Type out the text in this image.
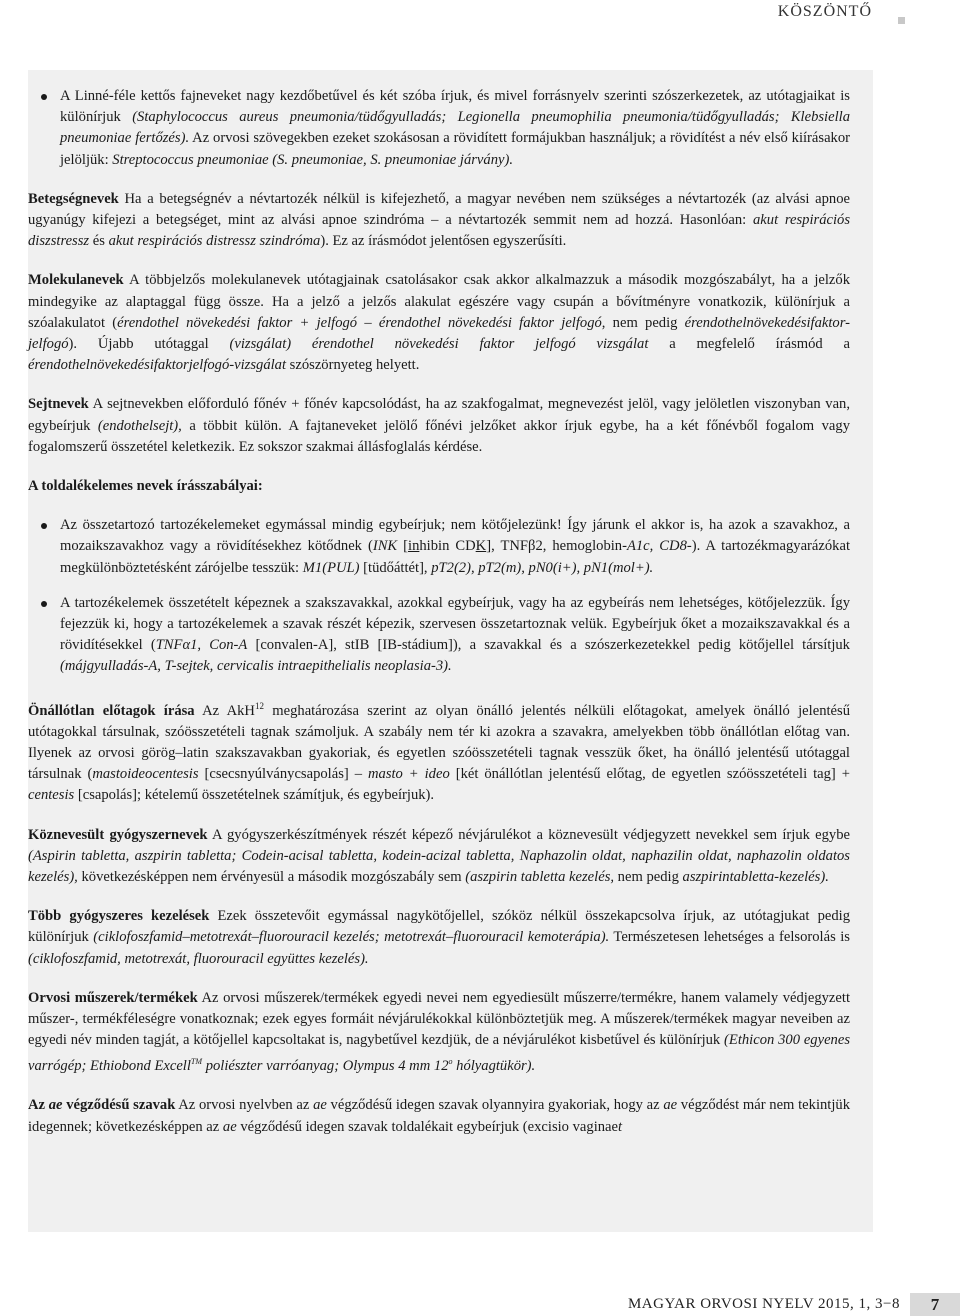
KÖSZÖNTŐ

A Linné-féle kettős fajneveket nagy kezdőbetűvel és két szóba írjuk, és mivel forrásnyelv szerinti szószerkezetek, az utótagjaikat is különírjuk (Staphylococcus aureus pneumonia/tüdőgyulladás; Legionella pneumophilia pneumonia/tüdőgyulladás; Klebsiella pneumoniae fertőzés). Az orvosi szövegekben ezeket szokásosan a rövidített formájukban használjuk; a rövidítést a név első kiírásakor jelöljük: Streptococcus pneumoniae (S. pneumoniae, S. pneumoniae járvány).

Betegségnevek Ha a betegségnév a névtartozék nélkül is kifejezhető, a magyar nevében nem szükséges a névtartozék (az alvási apnoe ugyanúgy kifejezi a betegséget, mint az alvási apnoe szindróma – a névtartozék semmit nem ad hozzá. Hasonlóan: akut respirációs diszstressz és akut respirációs distressz szindróma). Ez az írásmódot jelentősen egyszerűsíti.

Molekulanevek A többjelzős molekulanevek utótagjainak csatolásakor csak akkor alkalmazzuk a második mozgószabályt, ha a jelzők mindegyike az alaptaggal függ össze. Ha a jelző a jelzős alakulat egészére vagy csupán a bővítményre vonatkozik, különírjuk a szóalakulatot (érendothel növekedési faktor + jelfogó – érendothel növekedési faktor jelfogó, nem pedig érendothelnövekedésifaktor-jelfogó). Újabb utótaggal (vizsgálat) érendothel növekedési faktor jelfogó vizsgálat a megfelelő írásmód a érendothelnövekedésifaktorjelfogó-vizsgálat szószörnyeteg helyett.

Sejtnevek A sejtnevekben előforduló főnév + főnév kapcsolódást, ha az szakfogalmat, megnevezést jelöl, vagy jelöletlen viszonyban van, egybeírjuk (endothelsejt), a többit külön. A fajtaneveket jelölő főnévi jelzőket akkor írjuk egybe, ha a két főnévből fogalom vagy fogalomszerű összetétel keletkezik. Ez sokszor szakmai állásfoglalás kérdése.

A toldalékelemes nevek írásszabályai:

Az összetartozó tartozékelemeket egymással mindig egybeírjuk; nem kötőjelezünk! Így járunk el akkor is, ha azok a szavakhoz, a mozaikszavakhoz vagy a rövidítésekhez kötődnek (INK [inhibin CDK], TNFβ2, hemoglobin-A1c, CD8-). A tartozékmagyarázókat megkülönböztetésként zárójelbe tesszük: M1(PUL) [tüdőáttét], pT2(2), pT2(m), pN0(i+), pN1(mol+).

A tartozékelemek összetételt képeznek a szakszavakkal, azokkal egybeírjuk, vagy ha az egybeírás nem lehetséges, kötőjelezzük. Így fejezzük ki, hogy a tartozékelemek a szavak részét képezik, szervesen összetartoznak velük. Egybeírjuk őket a mozaikszavakkal és a rövidítésekkel (TNFα1, Con-A [convalen-A], stIB [IB-stádium]), a szavakkal és a szószerkezetekkel pedig kötőjellel társítjuk (májgyulladás-A, T-sejtek, cervicalis intraepithelialis neoplasia-3).

Önállótlan előtagok írása Az AkH$^{12}$ meghatározása szerint az olyan önálló jelentés nélküli előtagokat, amelyek önálló jelentésű utótagokkal társulnak, szóösszetételi tagnak számoljuk. A szabály nem tér ki azokra a szavakra, amelyekben több önállótlan előtag van. Ilyenek az orvosi görög–latin szakszavakban gyakoriak, és egyetlen szóösszetételi tagnak vesszük őket, ha önálló jelentésű utótaggal társulnak (mastoideocentesis [csecsnyúlványcsapolás] – masto + ideo [két önállótlan jelentésű előtag, de egyetlen szóösszetételi tag] + centesis [csapolás]; kételemű összetételnek számítjuk, és egybeírjuk).

Köznevesült gyógyszernevek A gyógyszerkészítmények részét képező névjárulékot a köznevesült védjegyzett nevekkel sem írjuk egybe (Aspirin tabletta, aszpirin tabletta; Codein-acisal tabletta, kodein-acizal tabletta, Naphazolin oldat, naphazilin oldat, naphazolin oldatos kezelés), következésképpen nem érvényesül a második mozgószabály sem (aszpirin tabletta kezelés, nem pedig aszpirintabletta-kezelés).

Több gyógyszeres kezelések Ezek összetevőit egymással nagykötőjellel, szóköz nélkül összekapcsolva írjuk, az utótagjukat pedig különírjuk (ciklofoszfamid–metotrexát–fluorouracil kezelés; metotrexát–fluorouracil kemoterápia). Természetesen lehetséges a felsorolás is (ciklofoszfamid, metotrexát, fluorouracil együttes kezelés).

Orvosi műszerek/termékek Az orvosi műszerek/termékek egyedi nevei nem egyediesült műszerre/termékre, hanem valamely védjegyzett műszer-, termékféleségre vonatkoznak; ezek egyes formáit névjárulékokkal különböztetjük meg. A műszerek/termékek magyar neveiben az egyedi név minden tagját, a kötőjellel kapcsoltakat is, nagybetűvel kezdjük, de a névjárulékot kisbetűvel és különírjuk (Ethicon 300 egyenes varrógép; Ethiobond Excell™ poliészter varróanyag; Olympus 4 mm 12$^o$ hólyagtükör).

Az ae végződésű szavak Az orvosi nyelvben az ae végződésű idegen szavak olyannyira gyakoriak, hogy az ae végződést már nem tekintjük idegennek; következésképpen az ae végződésű idegen szavak toldalékait egybeírjuk (excisio vaginaet

MAGYAR ORVOSI NYELV 2015, 1, 3−8	7
